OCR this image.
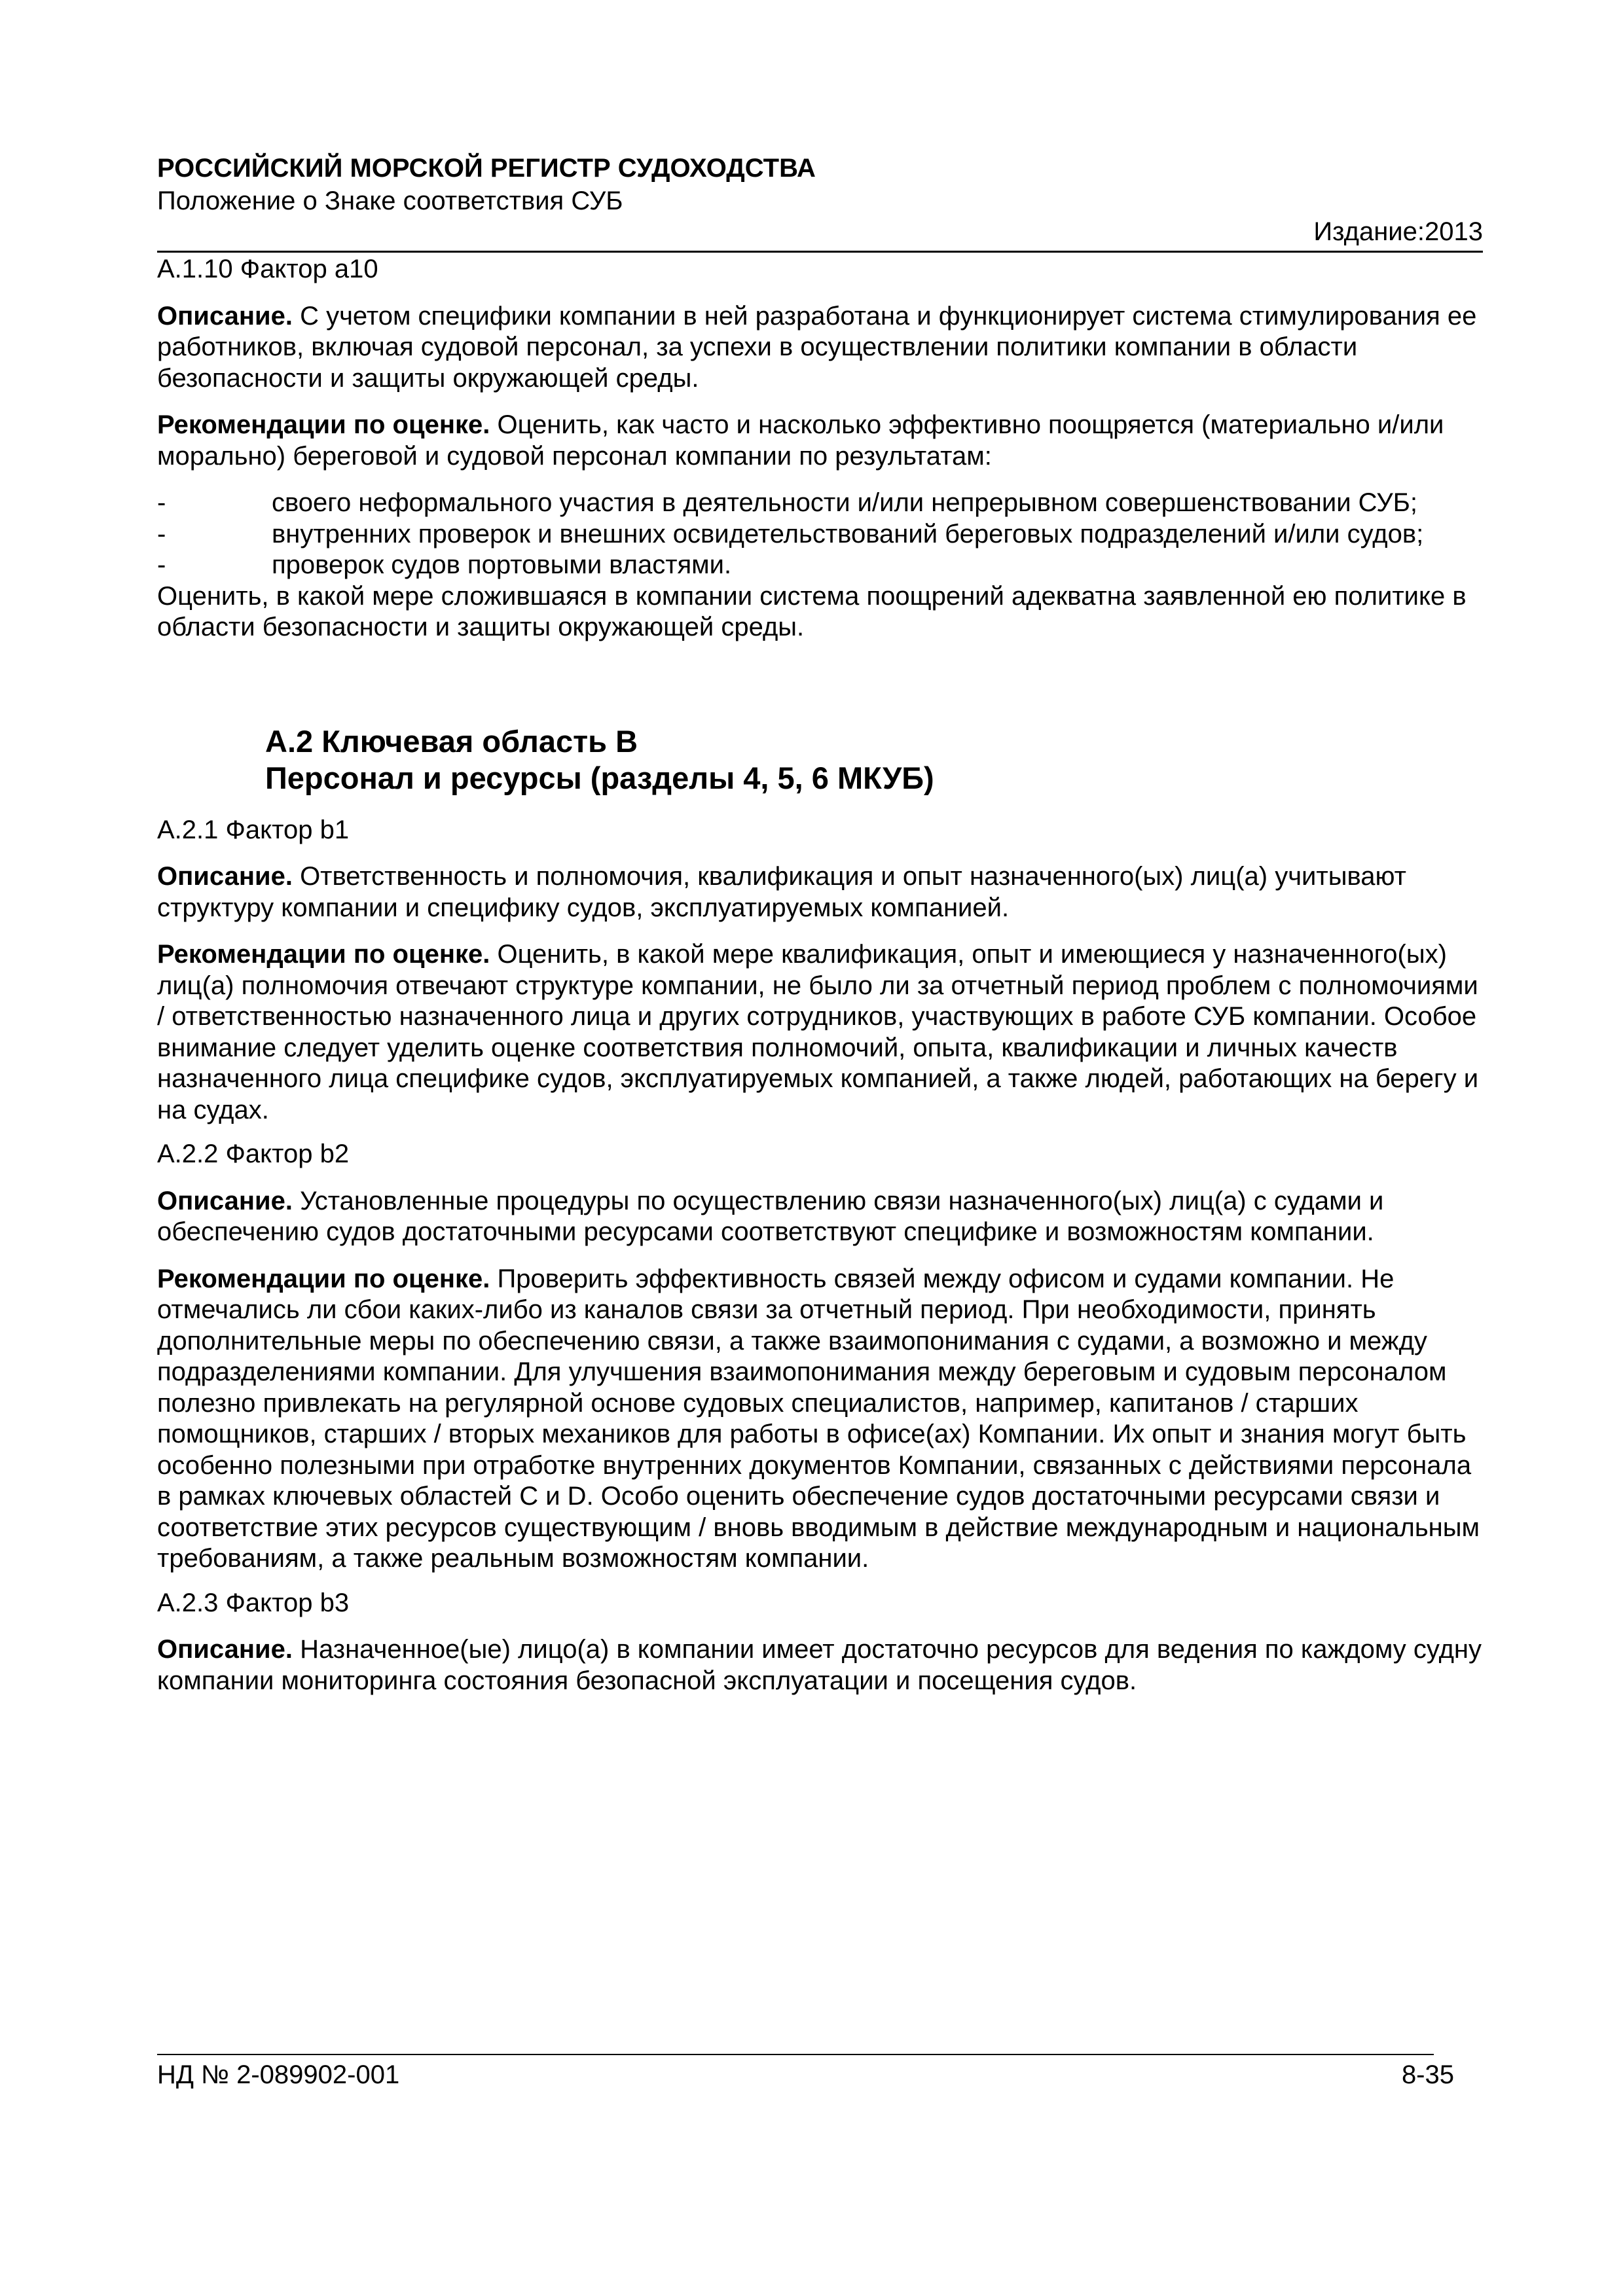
РОССИЙСКИЙ МОРСКОЙ РЕГИСТР СУДОХОДСТВА
Положение о Знаке соответствия СУБ
Издание:2013

А.1.10 Фактор a10

Описание. С учетом специфики компании в ней разработана и функционирует система стимулирования ее работников, включая судовой персонал, за успехи в осуществлении политики компании в области безопасности и защиты окружающей среды.

Рекомендации по оценке. Оценить, как часто и насколько эффективно поощряется (материально и/или морально) береговой и судовой персонал компании по результатам:

-	своего неформального участия в деятельности и/или непрерывном совершенствовании СУБ;
-	внутренних проверок и внешних освидетельствований береговых подразделений и/или судов;
-	проверок судов портовыми властями.

Оценить, в какой мере сложившаяся в компании система поощрений адекватна заявленной ею политике в области безопасности и защиты окружающей среды.

А.2 Ключевая область B
Персонал и ресурсы (разделы 4, 5, 6 МКУБ)

А.2.1 Фактор b1

Описание. Ответственность и полномочия, квалификация и опыт назначенного(ых) лиц(а) учитывают структуру компании и специфику судов, эксплуатируемых компанией.

Рекомендации по оценке. Оценить, в какой мере квалификация, опыт и имеющиеся у назначенного(ых) лиц(а) полномочия отвечают структуре компании, не было ли за отчетный период проблем с полномочиями / ответственностью назначенного лица и других сотрудников, участвующих в работе СУБ компании. Особое внимание следует уделить оценке соответствия полномочий, опыта, квалификации и личных качеств назначенного лица специфике судов, эксплуатируемых компанией, а также людей, работающих на берегу и на судах.

А.2.2 Фактор b2

Описание. Установленные процедуры по осуществлению связи назначенного(ых) лиц(а) с судами и обеспечению судов достаточными ресурсами соответствуют специфике и возможностям компании.

Рекомендации по оценке. Проверить эффективность связей между офисом и судами компании. Не отмечались ли сбои каких-либо из каналов связи за отчетный период. При необходимости, принять дополнительные меры по обеспечению связи, а также взаимопонимания с судами, а возможно и между подразделениями компании. Для улучшения взаимопонимания между береговым и судовым персоналом полезно привлекать на регулярной основе судовых специалистов, например, капитанов / старших помощников, старших / вторых механиков для работы в офисе(ах) Компании. Их опыт и знания могут быть особенно полезными при отработке внутренних документов Компании, связанных с действиями персонала в рамках ключевых областей C и D. Особо оценить обеспечение судов достаточными ресурсами связи и соответствие этих ресурсов существующим / вновь вводимым в действие международным и национальным требованиям, а также реальным возможностям компании.

А.2.3 Фактор b3

Описание. Назначенное(ые) лицо(а) в компании имеет достаточно ресурсов для ведения по каждому судну компании мониторинга состояния безопасной эксплуатации и посещения судов.

НД № 2-089902-001	8-35
